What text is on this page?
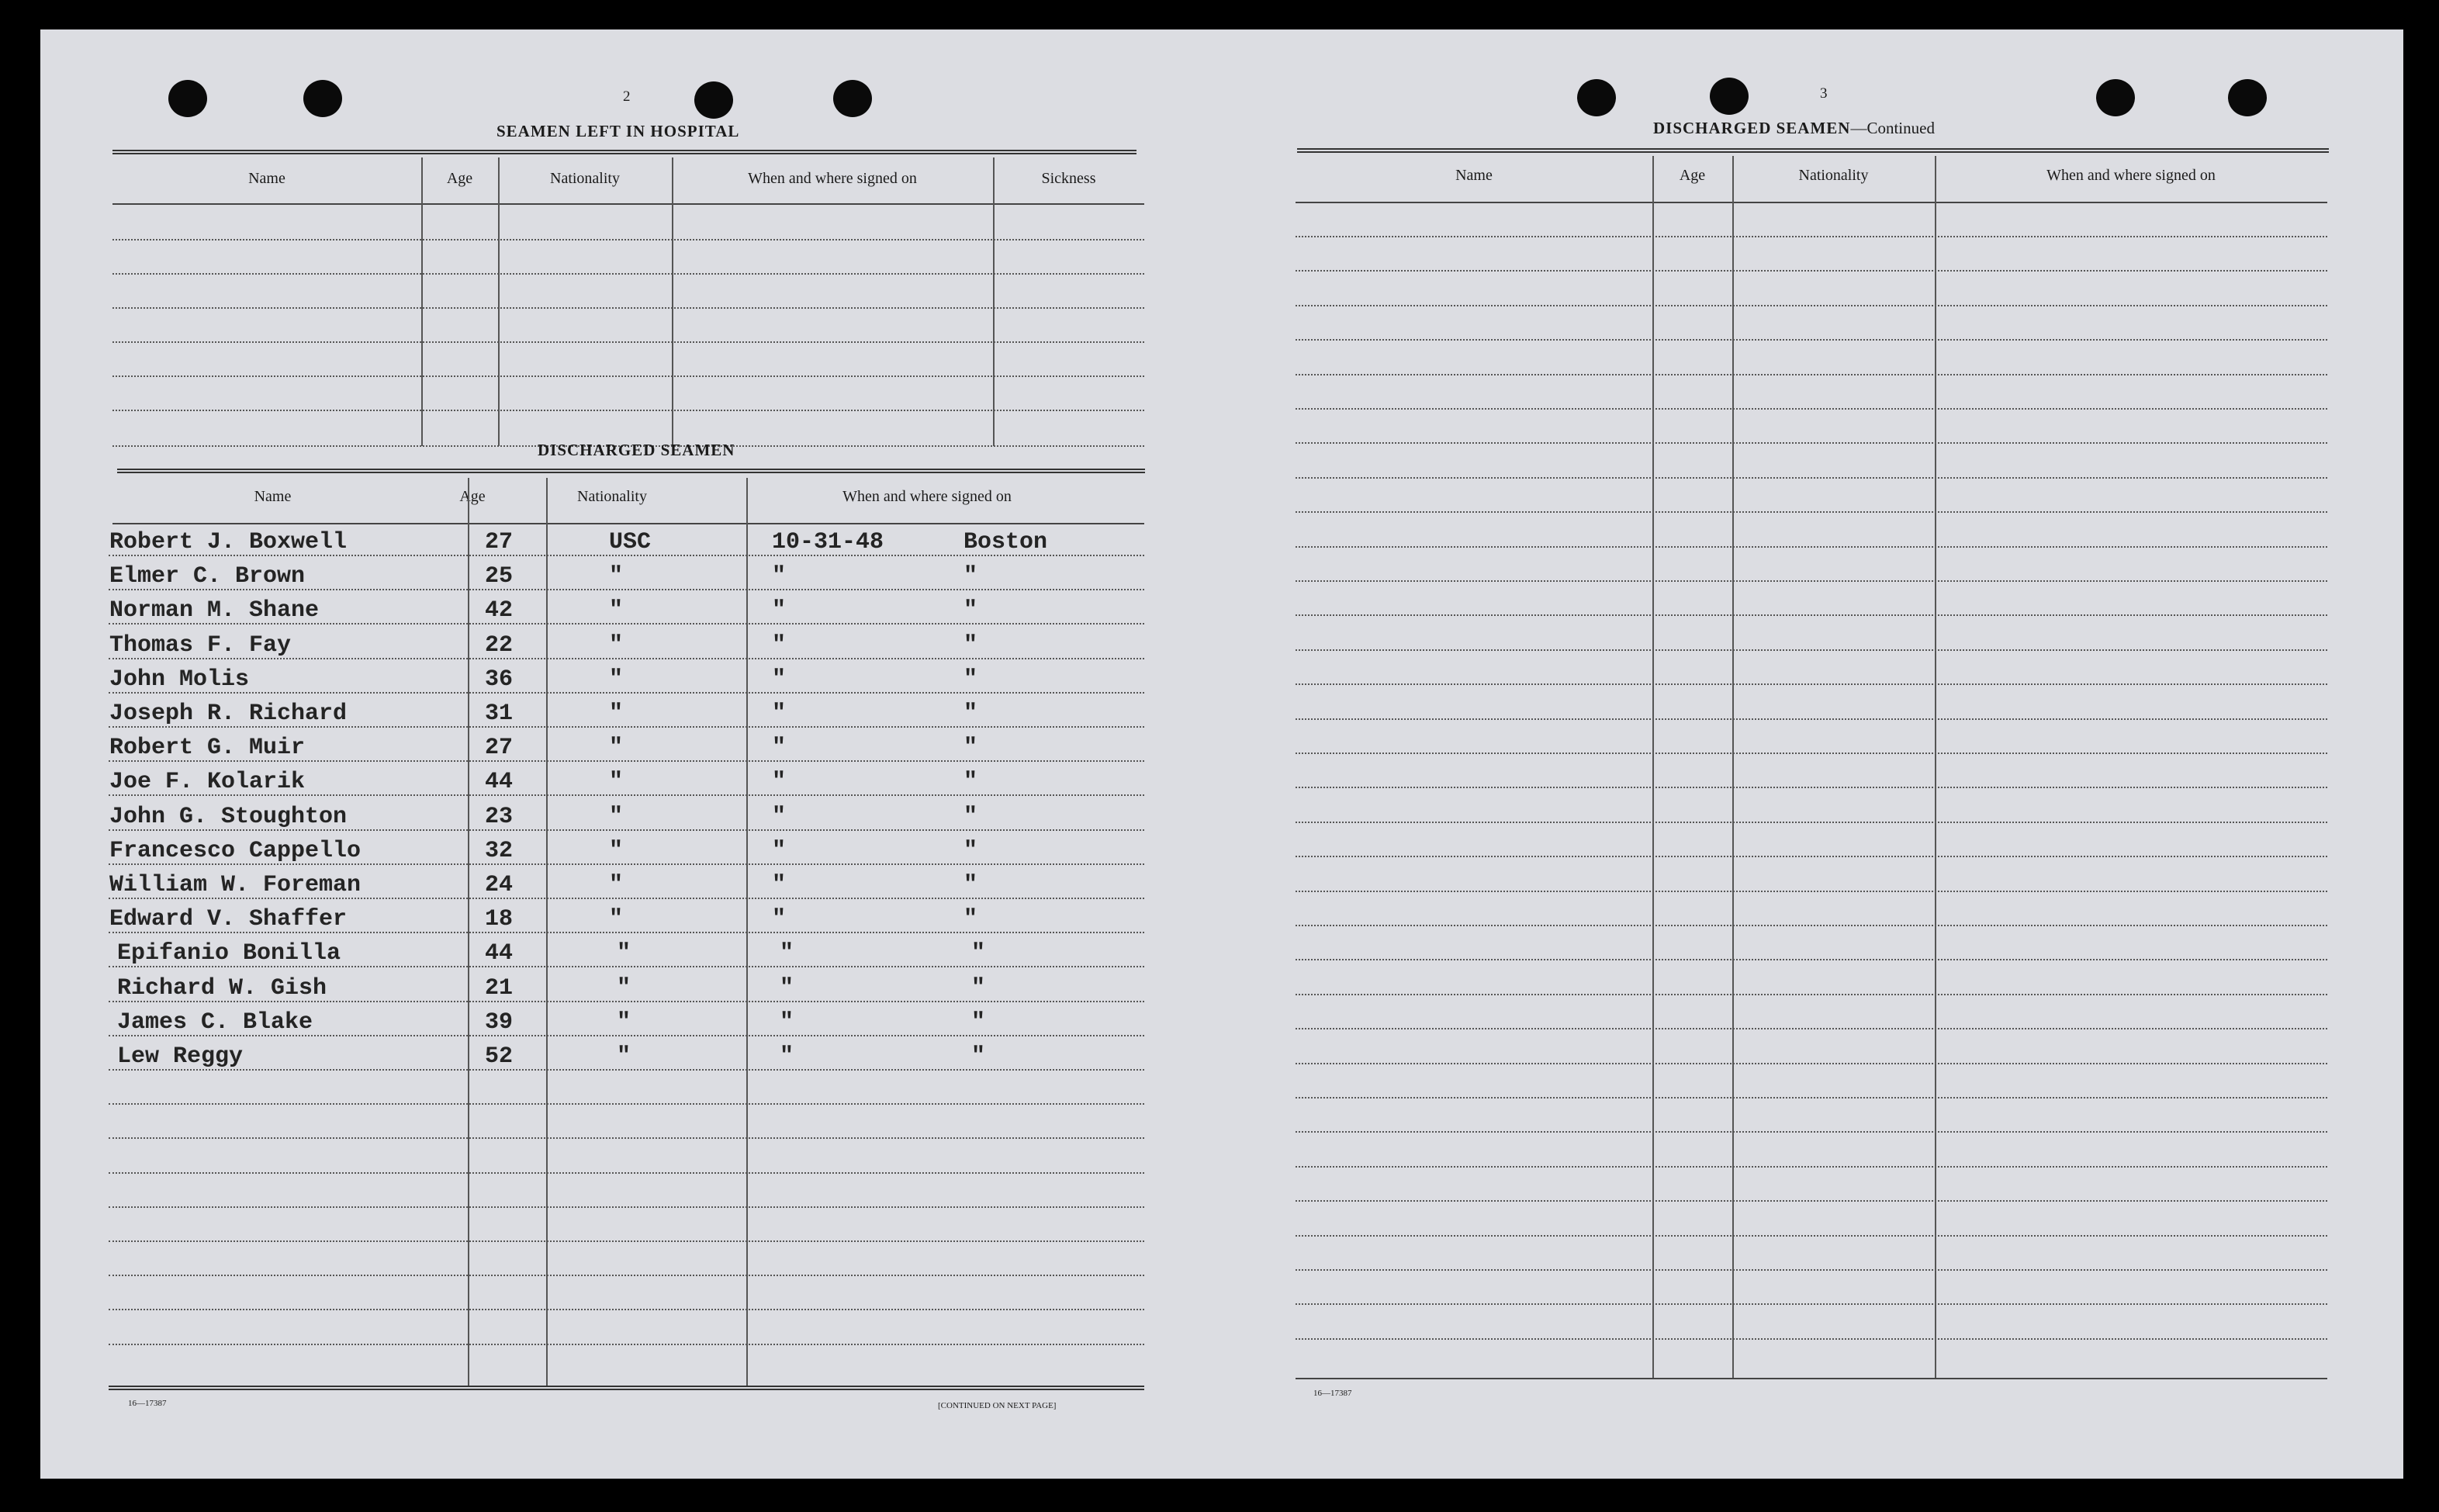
2
SEAMEN LEFT IN HOSPITAL
Name	Age	Nationality	When and where signed on	Sickness
DISCHARGED SEAMEN
Name	Age	Nationality	When and where signed on
Robert J. Boxwell	27	USC	10-31-48	Boston
Elmer C. Brown	25	"	"	"
Norman M. Shane	42	"	"	"
Thomas F. Fay	22	"	"	"
John Molis	36	"	"	"
Joseph R. Richard	31	"	"	"
Robert G. Muir	27	"	"	"
Joe F. Kolarik	44	"	"	"
John G. Stoughton	23	"	"	"
Francesco Cappello	32	"	"	"
William W. Foreman	24	"	"	"
Edward V. Shaffer	18	"	"	"
Epifanio Bonilla	44	"	"	"
Richard W. Gish	21	"	"	"
James C. Blake	39	"	"	"
Lew Reggy	52	"	"	"
16—17387	[CONTINUED ON NEXT PAGE]
3
DISCHARGED SEAMEN—Continued
Name	Age	Nationality	When and where signed on
16—17387
